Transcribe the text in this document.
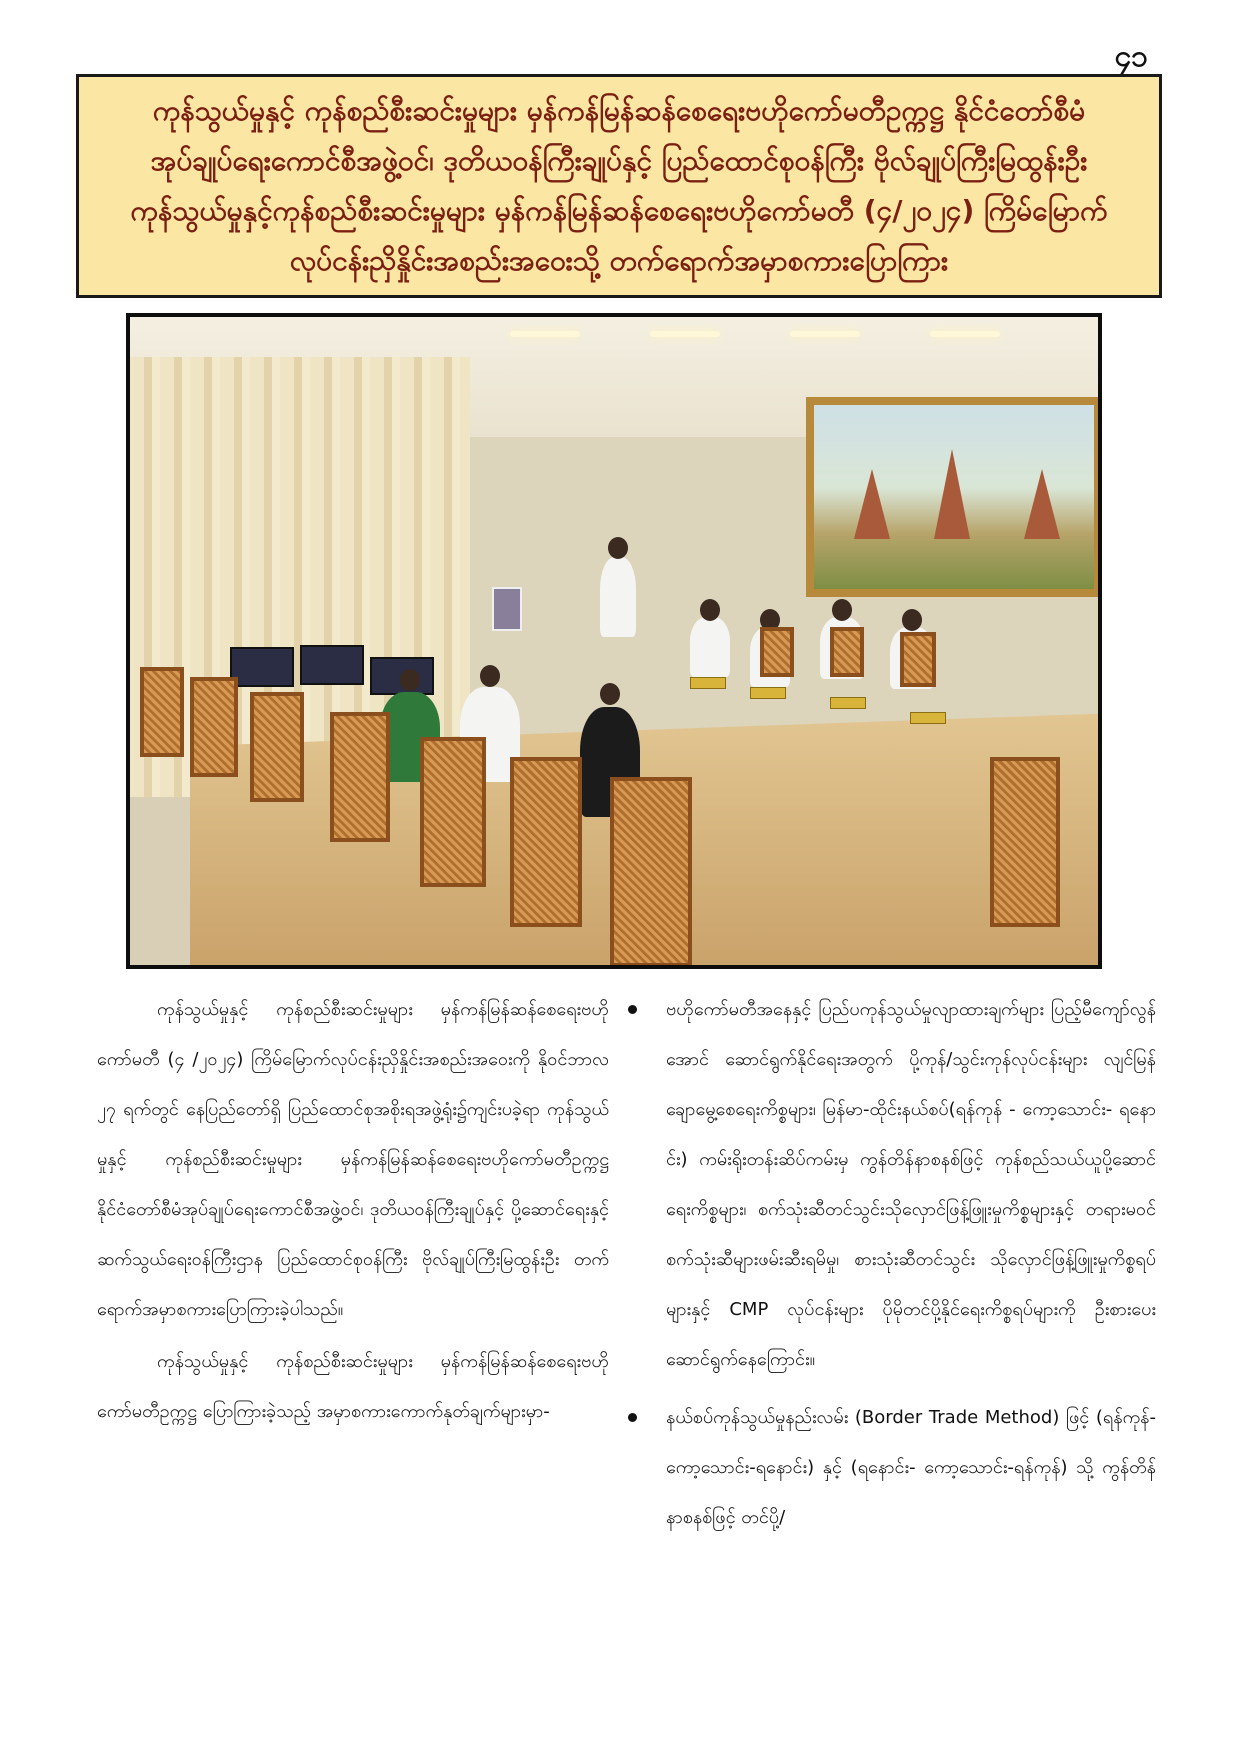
၄၁
ကုန်သွယ်မှုနှင့် ကုန်စည်စီးဆင်းမှုများ မှန်ကန်မြန်ဆန်စေရေးဗဟိုကော်မတီဥက္ကဋ္ဌ နိုင်ငံတော်စီမံ
အုပ်ချုပ်ရေးကောင်စီအဖွဲ့ဝင်၊ ဒုတိယဝန်ကြီးချုပ်နှင့် ပြည်ထောင်စုဝန်ကြီး ဗိုလ်ချုပ်ကြီးမြထွန်းဦး
ကုန်သွယ်မှုနှင့်ကုန်စည်စီးဆင်းမှုများ မှန်ကန်မြန်ဆန်စေရေးဗဟိုကော်မတီ (၄/၂၀၂၄) ကြိမ်မြောက်
လုပ်ငန်းညှိနှိုင်းအစည်းအဝေးသို့ တက်ရောက်အမှာစကားပြောကြား

ကုန်သွယ်မှုနှင့် ကုန်စည်စီးဆင်းမှုများ မှန်ကန်မြန်ဆန်စေရေးဗဟိုကော်မတီ (၄ /၂၀၂၄) ကြိမ်မြောက်လုပ်ငန်းညှိနှိုင်းအစည်းအဝေးကို နိုဝင်ဘာလ ၂၇ ရက်တွင် နေပြည်တော်ရှိ ပြည်ထောင်စုအစိုးရအဖွဲ့ရုံး၌ကျင်းပခဲ့ရာ ကုန်သွယ်မှုနှင့် ကုန်စည်စီးဆင်းမှုများ မှန်ကန်မြန်ဆန်စေရေးဗဟိုကော်မတီဥက္ကဋ္ဌ နိုင်ငံတော်စီမံအုပ်ချုပ်ရေးကောင်စီအဖွဲ့ဝင်၊ ဒုတိယဝန်ကြီးချုပ်နှင့် ပို့ဆောင်ရေးနှင့်ဆက်သွယ်ရေးဝန်ကြီးဌာန ပြည်ထောင်စုဝန်ကြီး ဗိုလ်ချုပ်ကြီးမြထွန်းဦး တက်ရောက်အမှာစကားပြောကြားခဲ့ပါသည်။

ကုန်သွယ်မှုနှင့် ကုန်စည်စီးဆင်းမှုများ မှန်ကန်မြန်ဆန်စေရေးဗဟိုကော်မတီဥက္ကဋ္ဌ ပြောကြားခဲ့သည့် အမှာစကားကောက်နုတ်ချက်များမှာ-

ဗဟိုကော်မတီအနေနှင့် ပြည်ပကုန်သွယ်မှုလျာထားချက်များ ပြည့်မီကျော်လွန်အောင် ဆောင်ရွက်နိုင်ရေးအတွက် ပို့ကုန်/သွင်းကုန်လုပ်ငန်းများ လျင်မြန်ချောမွေ့စေရေးကိစ္စများ၊ မြန်မာ-ထိုင်းနယ်စပ်(ရန်ကုန် - ကော့သောင်း- ရနောင်း) ကမ်းရိုးတန်းဆိပ်ကမ်းမှ ကွန်တိန်နာစနစ်ဖြင့် ကုန်စည်သယ်ယူပို့ဆောင်ရေးကိစ္စများ၊ စက်သုံးဆီတင်သွင်းသိုလှောင်ဖြန့်ဖြူးမှုကိစ္စများနှင့် တရားမဝင်စက်သုံးဆီများဖမ်းဆီးရမိမှု၊ စားသုံးဆီတင်သွင်း သိုလှောင်ဖြန့်ဖြူးမှုကိစ္စရပ်များနှင့် CMP လုပ်ငန်းများ ပိုမိုတင်ပို့နိုင်ရေးကိစ္စရပ်များကို ဦးစားပေးဆောင်ရွက်နေကြောင်း။

နယ်စပ်ကုန်သွယ်မှုနည်းလမ်း (Border Trade Method) ဖြင့် (ရန်ကုန်-ကော့သောင်း-ရနောင်း) နှင့် (ရနောင်း- ကော့သောင်း-ရန်ကုန်) သို့ ကွန်တိန်နာစနစ်ဖြင့် တင်ပို့/
